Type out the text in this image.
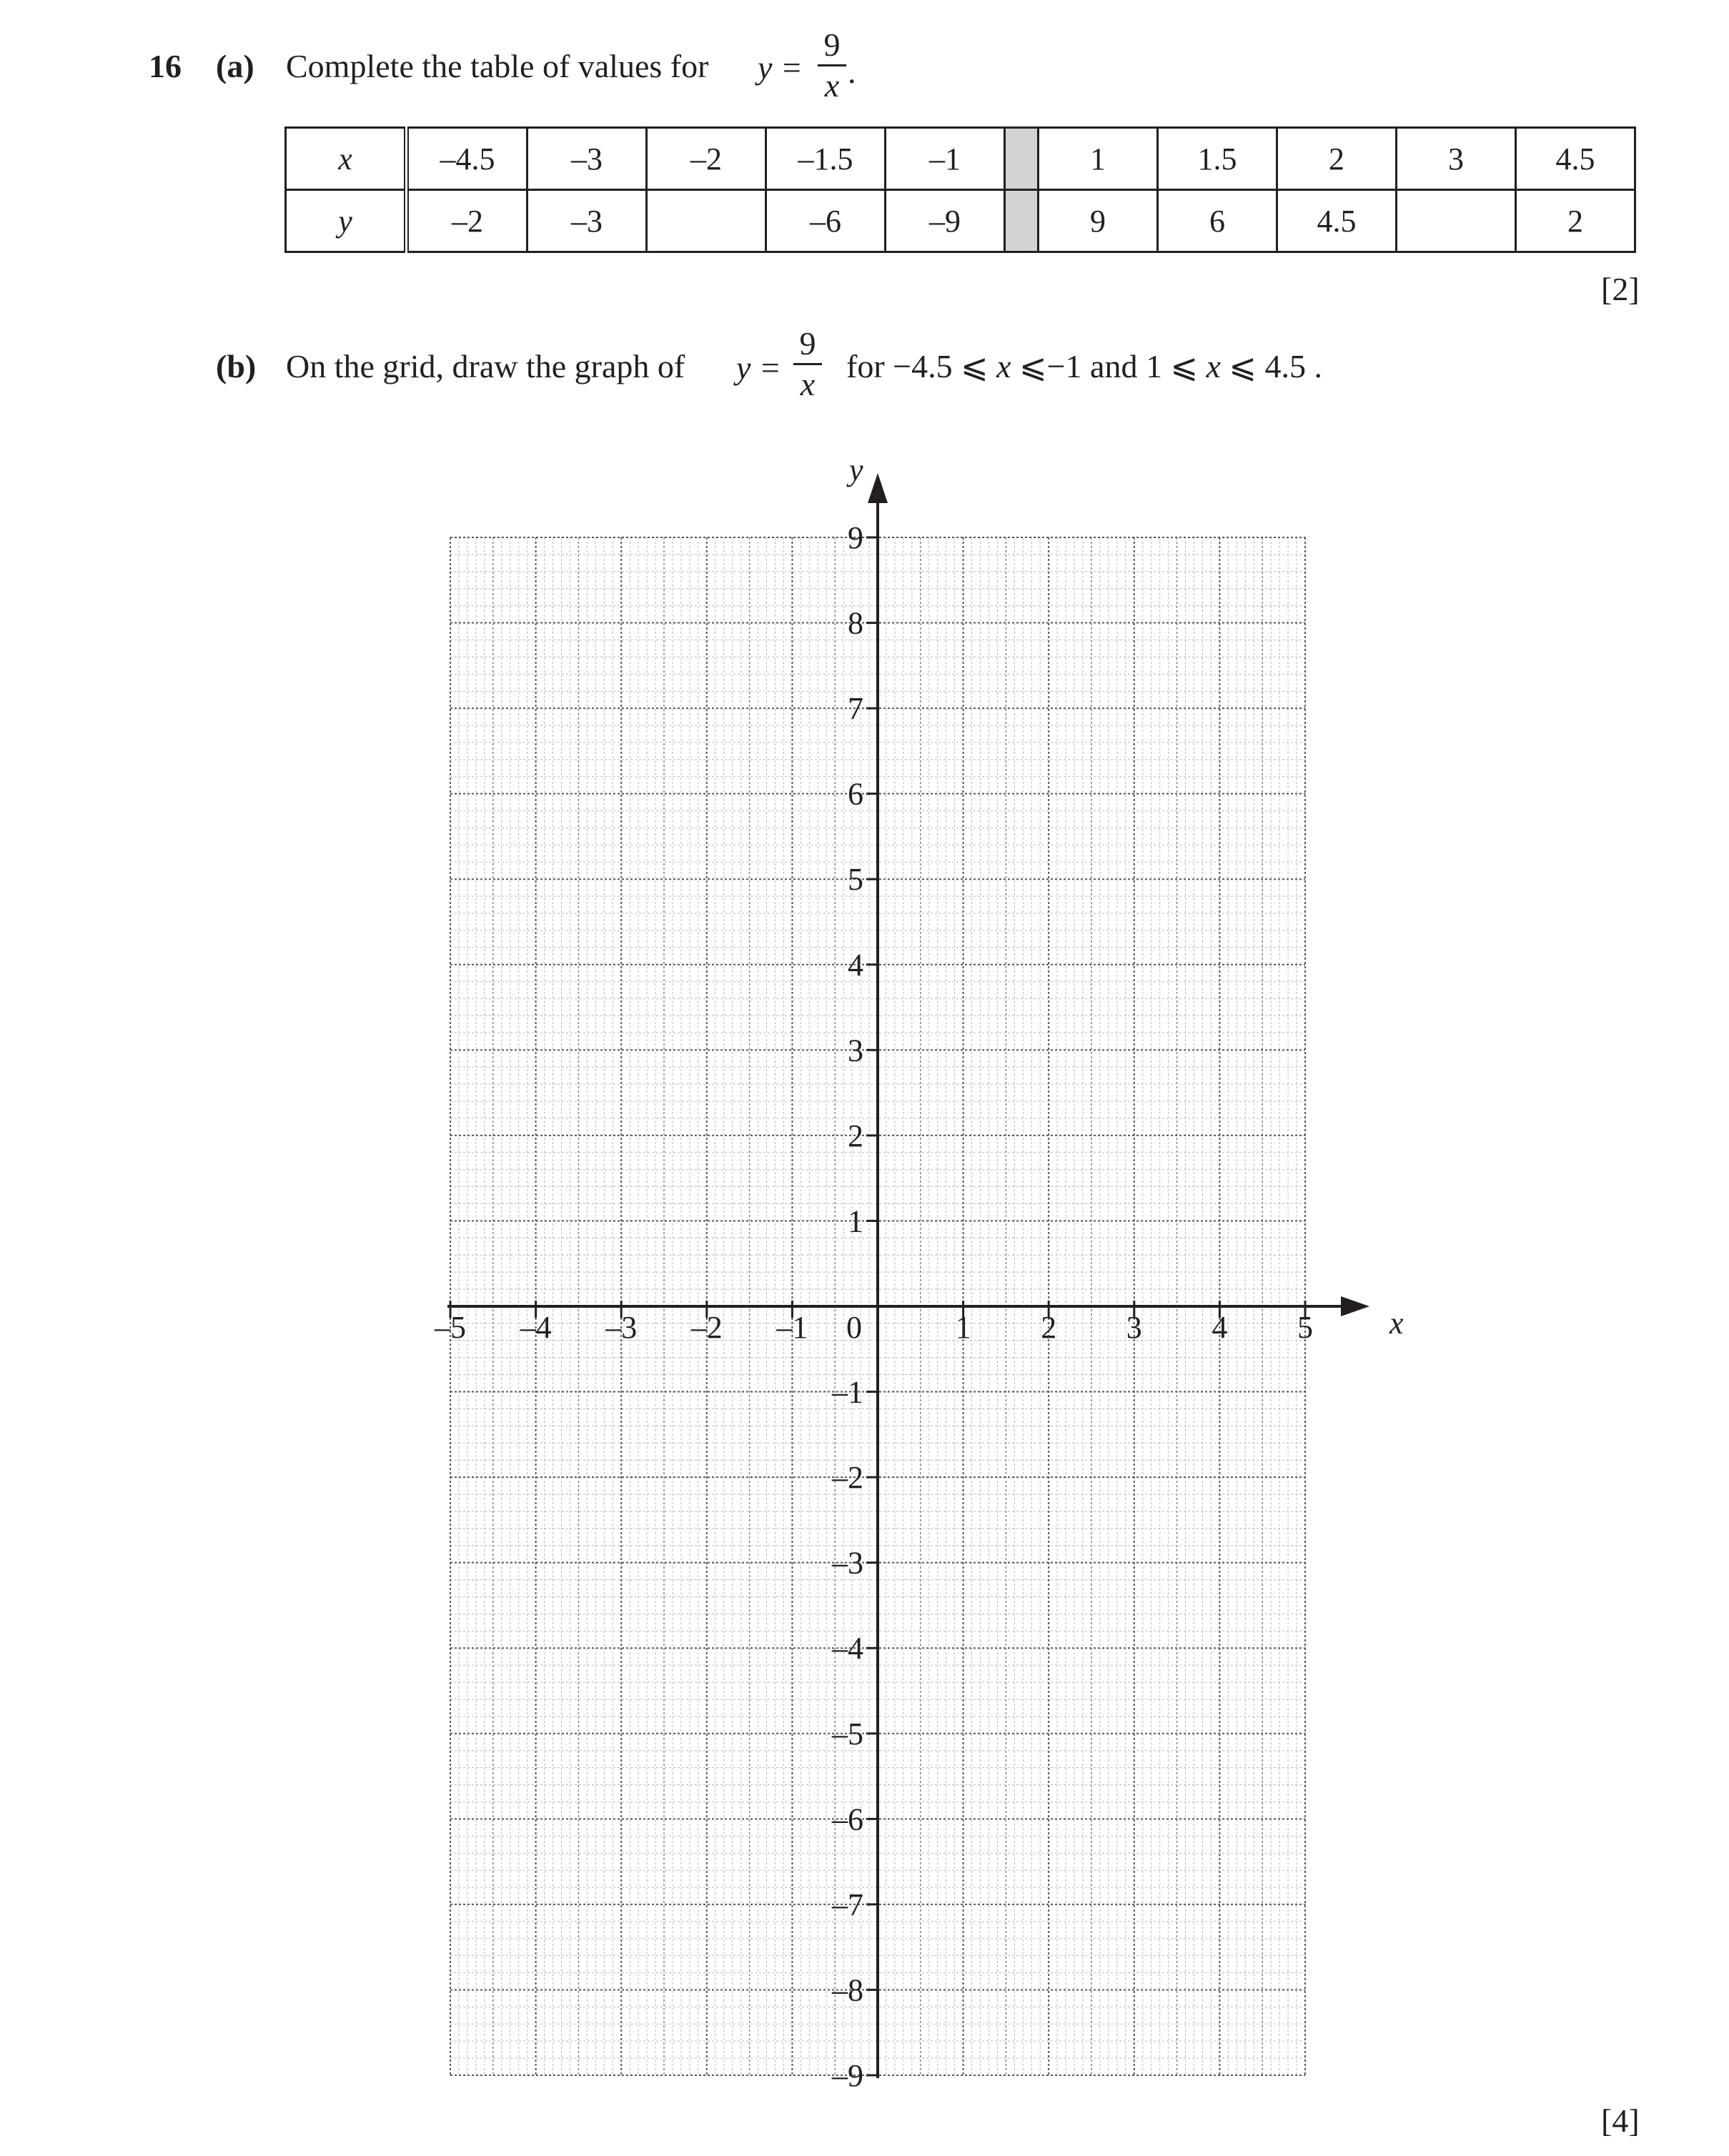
16 (a) Complete the table of values for y =
9
x .
x	–4.5	–3	–2	–1.5	–1		1	1.5	2	3	4.5
y	–2	–3		–6	–9		9	6	4.5		2
[2]
(b) On the grid, draw the graph of y =
9
x for −4.5 ⩽ x ⩽−1 and 1 ⩽ x ⩽ 4.5 .
x
y
–5 –4 –3 –2 –1 0	1 2 3 4 5
9
8
7
6
5
4
3
2
1
–1
–2
–3
–4
–5
–6
–7
–8
–9
[4]
